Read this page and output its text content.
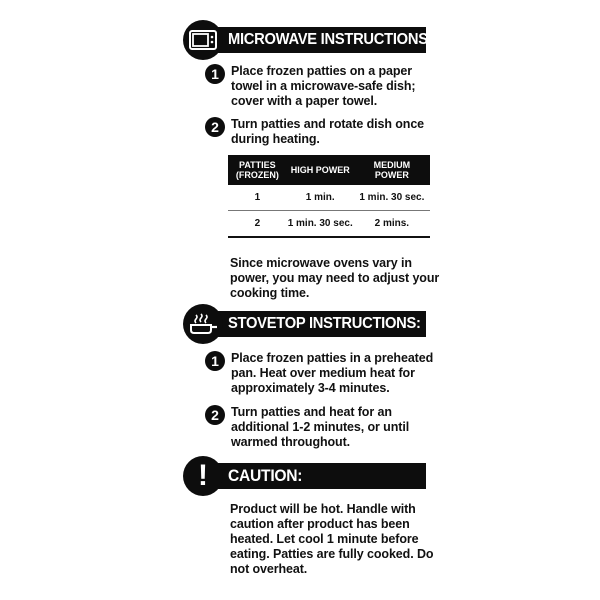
MICROWAVE INSTRUCTIONS:
1 Place frozen patties on a paper towel in a microwave-safe dish; cover with a paper towel.
2 Turn patties and rotate dish once during heating.
PATTIES (FROZEN)	HIGH POWER	MEDIUM POWER
1	1 min.	1 min. 30 sec.
2	1 min. 30 sec.	2 mins.
Since microwave ovens vary in power, you may need to adjust your cooking time.
STOVETOP INSTRUCTIONS:
1 Place frozen patties in a preheated pan. Heat over medium heat for approximately 3-4 minutes.
2 Turn patties and heat for an additional 1-2 minutes, or until warmed throughout.
CAUTION:
!
Product will be hot. Handle with caution after product has been heated. Let cool 1 minute before eating. Patties are fully cooked. Do not overheat.
